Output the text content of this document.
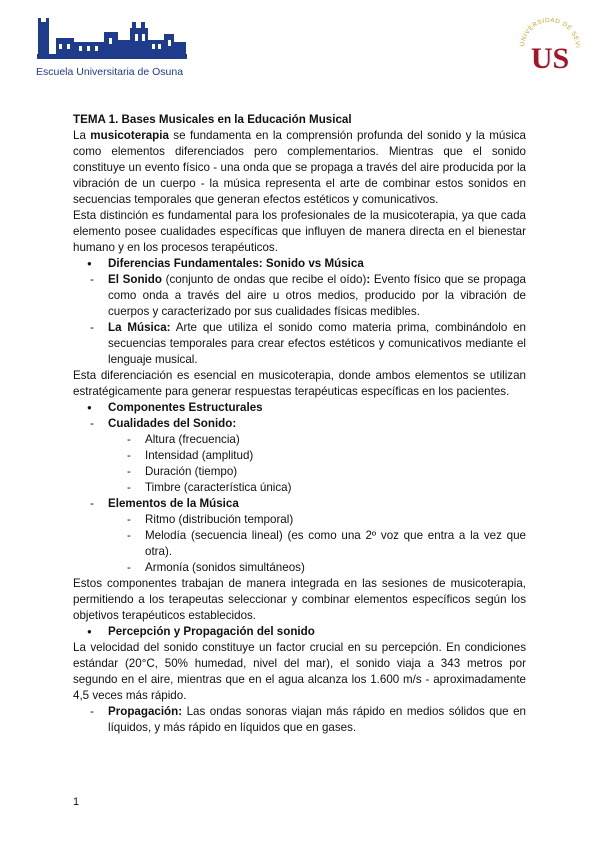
Escuela Universitaria de Osuna
UNIVERSIDAD DE SEVI
US

TEMA 1. Bases Musicales en la Educación Musical

La musicoterapia se fundamenta en la comprensión profunda del sonido y la música como elementos diferenciados pero complementarios. Mientras que el sonido constituye un evento físico - una onda que se propaga a través del aire producida por la vibración de un cuerpo - la música representa el arte de combinar estos sonidos en secuencias temporales que generan efectos estéticos y comunicativos.

Esta distinción es fundamental para los profesionales de la musicoterapia, ya que cada elemento posee cualidades específicas que influyen de manera directa en el bienestar humano y en los procesos terapéuticos.

● Diferencias Fundamentales: Sonido vs Música

- El Sonido (conjunto de ondas que recibe el oído): Evento físico que se propaga como onda a través del aire u otros medios, producido por la vibración de cuerpos y caracterizado por sus cualidades físicas medibles.

- La Música: Arte que utiliza el sonido como materia prima, combinándolo en secuencias temporales para crear efectos estéticos y comunicativos mediante el lenguaje musical.

Esta diferenciación es esencial en musicoterapia, donde ambos elementos se utilizan estratégicamente para generar respuestas terapéuticas específicas en los pacientes.

● Componentes Estructurales

- Cualidades del Sonido:

- Altura (frecuencia)

- Intensidad (amplitud)

- Duración (tiempo)

- Timbre (característica única)

- Elementos de la Música

- Ritmo (distribución temporal)

- Melodía (secuencia lineal) (es como una 2º voz que entra a la vez que otra).

- Armonía (sonidos simultáneos)

Estos componentes trabajan de manera integrada en las sesiones de musicoterapia, permitiendo a los terapeutas seleccionar y combinar elementos específicos según los objetivos terapéuticos establecidos.

● Percepción y Propagación del sonido

La velocidad del sonido constituye un factor crucial en su percepción. En condiciones estándar (20°C, 50% humedad, nivel del mar), el sonido viaja a 343 metros por segundo en el aire, mientras que en el agua alcanza los 1.600 m/s - aproximadamente 4,5 veces más rápido.

- Propagación: Las ondas sonoras viajan más rápido en medios sólidos que en líquidos, y más rápido en líquidos que en gases.

1
